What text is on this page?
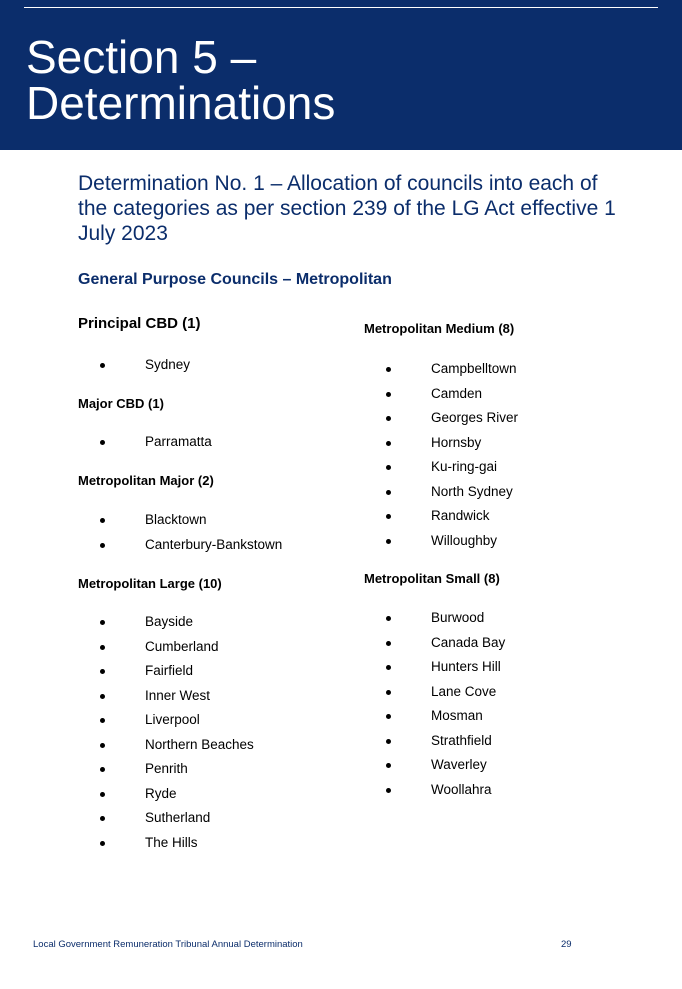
Section 5 –
Determinations
Determination No. 1 – Allocation of councils into each of the categories as per section 239 of the LG Act effective 1 July 2023
General Purpose Councils – Metropolitan
Principal CBD (1)
Sydney
Major CBD (1)
Parramatta
Metropolitan Major (2)
Blacktown
Canterbury-Bankstown
Metropolitan Large (10)
Bayside
Cumberland
Fairfield
Inner West
Liverpool
Northern Beaches
Penrith
Ryde
Sutherland
The Hills
Metropolitan Medium (8)
Campbelltown
Camden
Georges River
Hornsby
Ku-ring-gai
North Sydney
Randwick
Willoughby
Metropolitan Small (8)
Burwood
Canada Bay
Hunters Hill
Lane Cove
Mosman
Strathfield
Waverley
Woollahra
Local Government Remuneration Tribunal Annual Determination	29
